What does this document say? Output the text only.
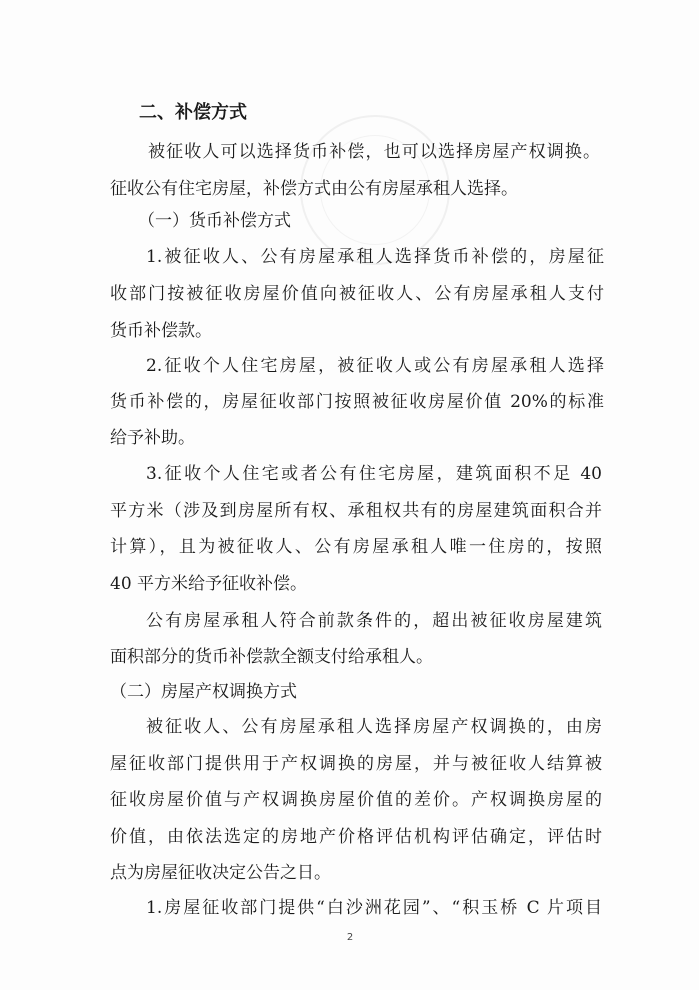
二、补偿方式
被征收人可以选择货币补偿，也可以选择房屋产权调换。
征收公有住宅房屋，补偿方式由公有房屋承租人选择。
（一）货币补偿方式
1.被征收人、公有房屋承租人选择货币补偿的，房屋征
收部门按被征收房屋价值向被征收人、公有房屋承租人支付
货币补偿款。
2.征收个人住宅房屋，被征收人或公有房屋承租人选择
货币补偿的，房屋征收部门按照被征收房屋价值 20%的标准
给予补助。
3.征收个人住宅或者公有住宅房屋，建筑面积不足 40
平方米（涉及到房屋所有权、承租权共有的房屋建筑面积合并
计算），且为被征收人、公有房屋承租人唯一住房的，按照
40 平方米给予征收补偿。
公有房屋承租人符合前款条件的，超出被征收房屋建筑
面积部分的货币补偿款全额支付给承租人。
（二）房屋产权调换方式
被征收人、公有房屋承租人选择房屋产权调换的，由房
屋征收部门提供用于产权调换的房屋，并与被征收人结算被
征收房屋价值与产权调换房屋价值的差价。产权调换房屋的
价值，由依法选定的房地产价格评估机构评估确定，评估时
点为房屋征收决定公告之日。
1.房屋征收部门提供“白沙洲花园”、“积玉桥 C 片项目
2
